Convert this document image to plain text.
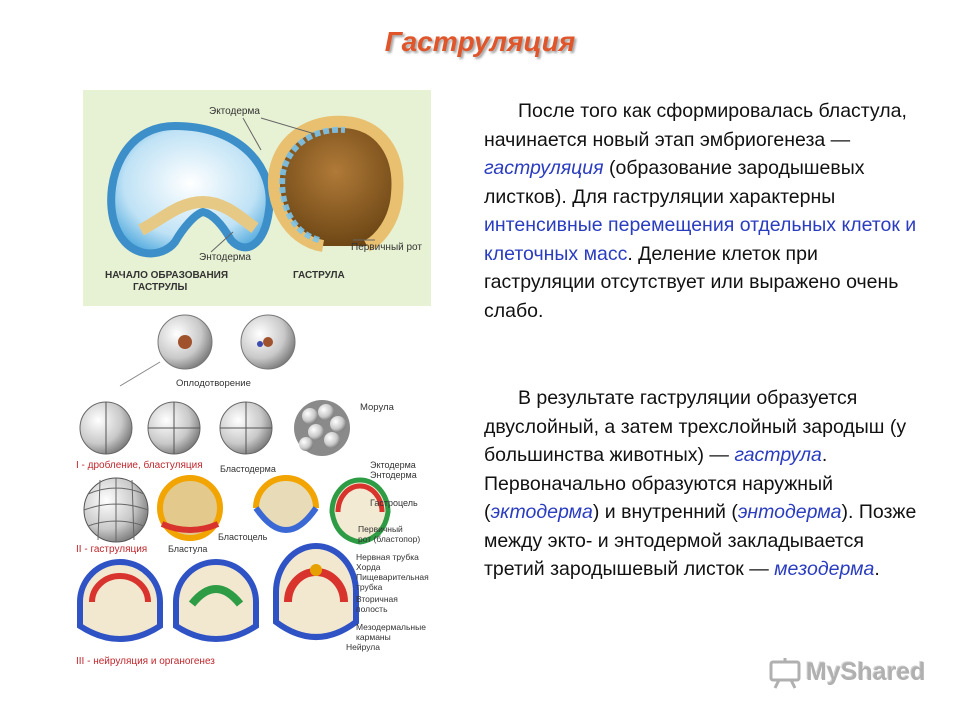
Гаструляция
После того как сформировалась бластула, начинается новый этап эмбриогенеза — гаструляция (образование зародышевых листков). Для гаструляции характерны интенсивные перемещения отдельных клеток и клеточных масс. Деление клеток при гаструляции отсутствует или выражено очень слабо.
В результате гаструляции образуется двуслойный, а затем трехслойный зародыш (у большинства животных) — гаструла. Первоначально образуются наружный (эктодерма) и внутренний (энтодерма). Позже между экто- и энтодермой закладывается третий зародышевый листок — мезодерма.
Эктодерма
Энтодерма
Первичный рот
НАЧАЛО ОБРАЗОВАНИЯ
ГАСТРУЛЫ
ГАСТРУЛА
Оплодотворение
Морула
I - дробление, бластуляция Бластодерма	Эктодерма
Энтодерма
Гастроцель
Первичный
рот (бластопор)
II - гаструляция Бластула
Бластоцель
Нервная трубка
Хорда
Пищеварительная
трубка
Вторичная
полость
Мезодермальные
карманы
Нейрула
III - нейруляция и органогенез	MyShared
